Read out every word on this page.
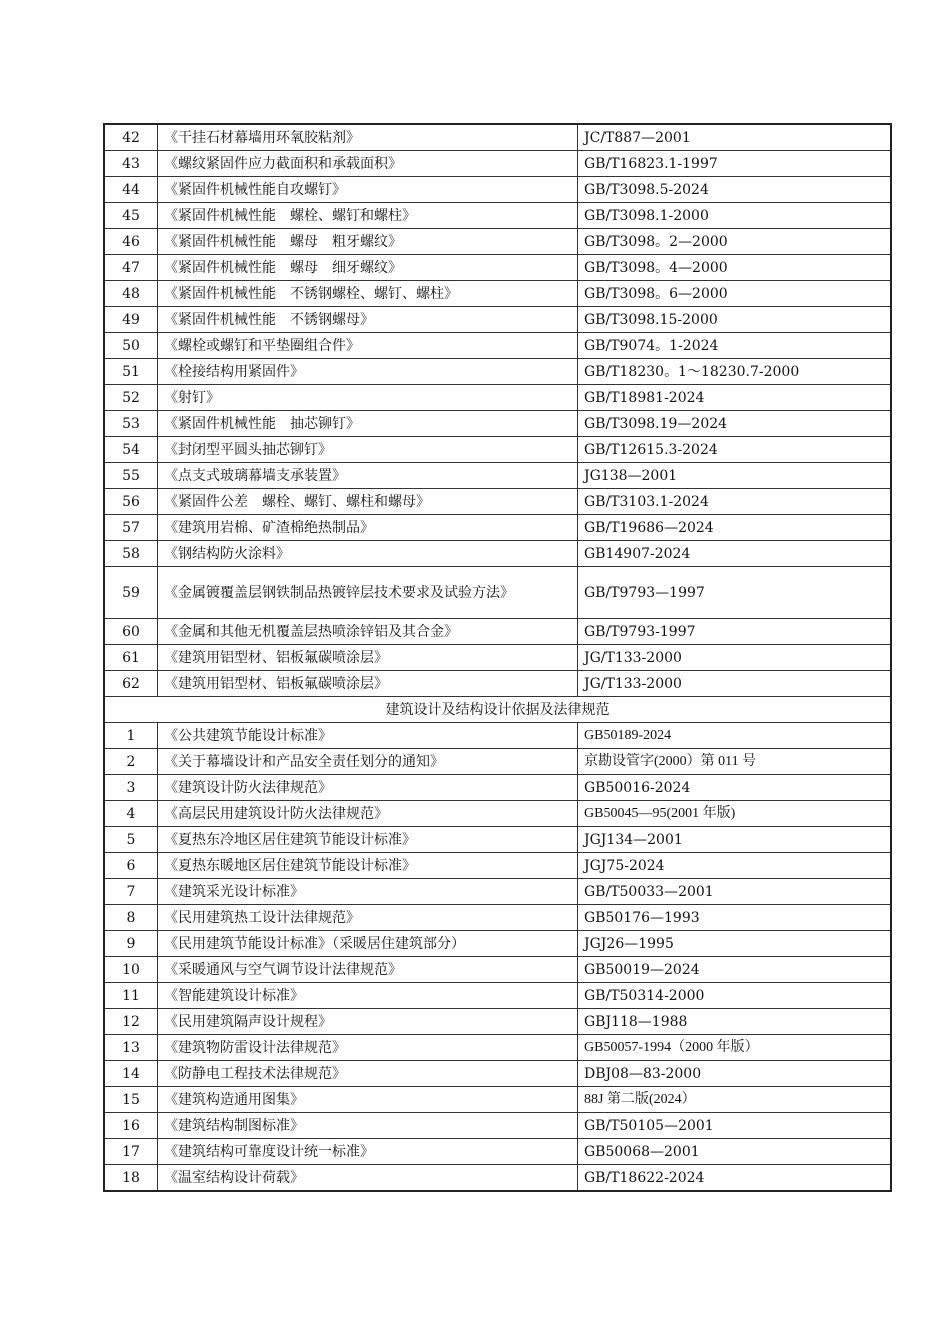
42	《干挂石材幕墙用环氧胶粘剂》	JC/T887—2001
43	《螺纹紧固件应力截面积和承载面积》	GB/T16823.1-1997
44	《紧固件机械性能自攻螺钉》	GB/T3098.5-2024
45	《紧固件机械性能　螺栓、螺钉和螺柱》	GB/T3098.1-2000
46	《紧固件机械性能　螺母　粗牙螺纹》	GB/T3098。2—2000
47	《紧固件机械性能　螺母　细牙螺纹》	GB/T3098。4—2000
48	《紧固件机械性能　不锈钢螺栓、螺钉、螺柱》	GB/T3098。6—2000
49	《紧固件机械性能　不锈钢螺母》	GB/T3098.15-2000
50	《螺栓或螺钉和平垫圈组合件》	GB/T9074。1-2024
51	《栓接结构用紧固件》	GB/T18230。1～18230.7-2000
52	《射钉》	GB/T18981-2024
53	《紧固件机械性能　抽芯铆钉》	GB/T3098.19—2024
54	《封闭型平圆头抽芯铆钉》	GB/T12615.3-2024
55	《点支式玻璃幕墙支承装置》	JG138—2001
56	《紧固件公差　螺栓、螺钉、螺柱和螺母》	GB/T3103.1-2024
57	《建筑用岩棉、矿渣棉绝热制品》	GB/T19686—2024
58	《钢结构防火涂料》	GB14907-2024
59	《金属镀覆盖层钢铁制品热镀锌层技术要求及试验方法》	GB/T9793—1997
60	《金属和其他无机覆盖层热喷涂锌铝及其合金》	GB/T9793-1997
61	《建筑用铝型材、铝板氟碳喷涂层》	JG/T133-2000
62	《建筑用铝型材、铝板氟碳喷涂层》	JG/T133-2000
建筑设计及结构设计依据及法律规范		
1	《公共建筑节能设计标准》	GB50189-2024
2	《关于幕墙设计和产品安全责任划分的通知》	京勘设管字(2000）第 011 号
3	《建筑设计防火法律规范》	GB50016-2024
4	《高层民用建筑设计防火法律规范》	GB50045—95(2001 年版)
5	《夏热东冷地区居住建筑节能设计标准》	JGJ134—2001
6	《夏热东暖地区居住建筑节能设计标准》	JGJ75-2024
7	《建筑采光设计标准》	GB/T50033—2001
8	《民用建筑热工设计法律规范》	GB50176—1993
9	《民用建筑节能设计标准》（采暖居住建筑部分）	JGJ26—1995
10	《采暖通风与空气调节设计法律规范》	GB50019—2024
11	《智能建筑设计标准》	GB/T50314-2000
12	《民用建筑隔声设计规程》	GBJ118—1988
13	《建筑物防雷设计法律规范》	GB50057-1994（2000 年版）
14	《防静电工程技术法律规范》	DBJ08—83-2000
15	《建筑构造通用图集》	88J 第二版(2024）
16	《建筑结构制图标准》	GB/T50105—2001
17	《建筑结构可靠度设计统一标准》	GB50068—2001
18	《温室结构设计荷载》	GB/T18622-2024
